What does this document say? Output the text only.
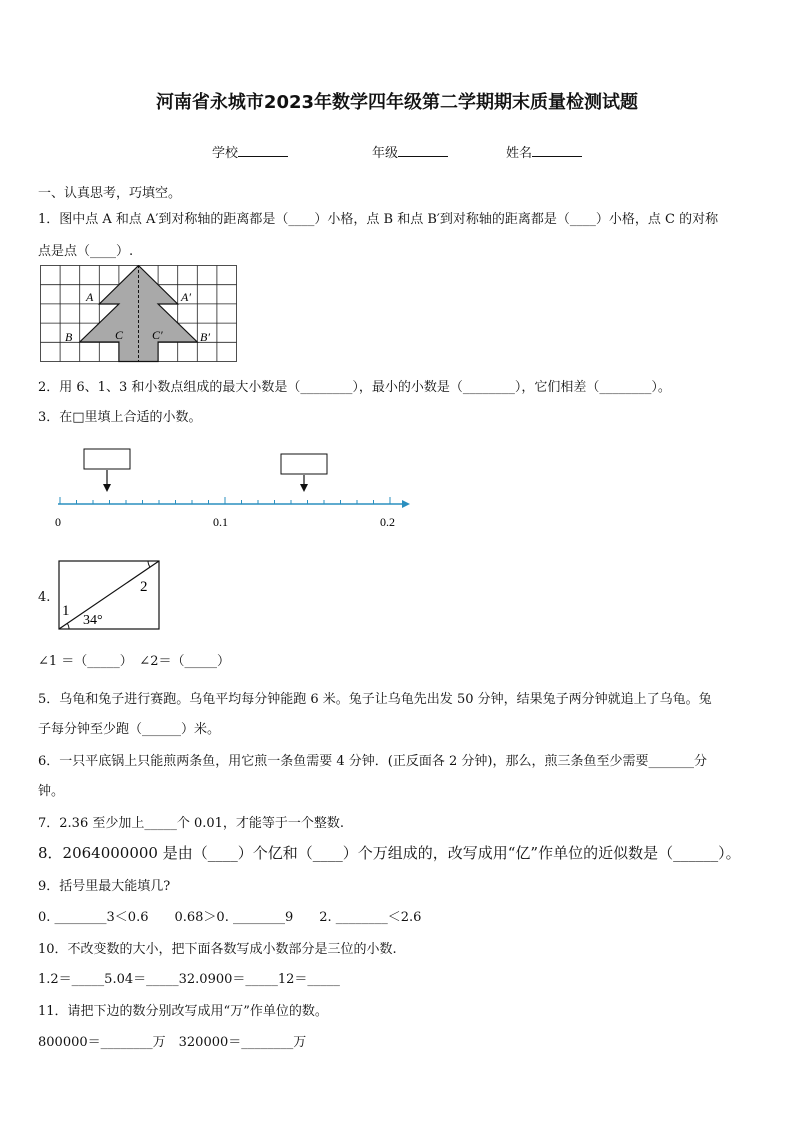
河南省永城市2023年数学四年级第二学期期末质量检测试题
学校	年级	姓名
一、认真思考，巧填空。
1．图中点 A 和点 A′到对称轴的距离都是（____）小格，点 B 和点 B′到对称轴的距离都是（____）小格，点 C 的对称
点是点（____）.
A	A′
B	B′
C C′
2．用 6、1、3 和小数点组成的最大小数是（________），最小的小数是（________），它们相差（________）。
3．在□里填上合适的小数。
0	0.1	0.2
4.
1
2
34°
∠1 ＝（_____）　∠2＝（_____）
5．乌龟和兔子进行赛跑。乌龟平均每分钟能跑 6 米。兔子让乌龟先出发 50 分钟，结果兔子两分钟就追上了乌龟。兔
子每分钟至少跑（______）米。
6．一只平底锅上只能煎两条鱼，用它煎一条鱼需要 4 分钟．(正反面各 2 分钟)，那么，煎三条鱼至少需要_______分
钟。
7．2.36 至少加上_____个 0.01，才能等于一个整数.
8．2064000000 是由（____）个亿和（____）个万组成的，改写成用“亿”作单位的近似数是（______）。
9．括号里最大能填几?
0. ________3＜0.6　　0.68＞0. ________9　　2. ________＜2.6
10．不改变数的大小，把下面各数写成小数部分是三位的小数.
1.2＝_____5.04＝_____32.0900＝_____12＝_____
11．请把下边的数分别改写成用“万”作单位的数。
800000＝________万　320000＝________万
